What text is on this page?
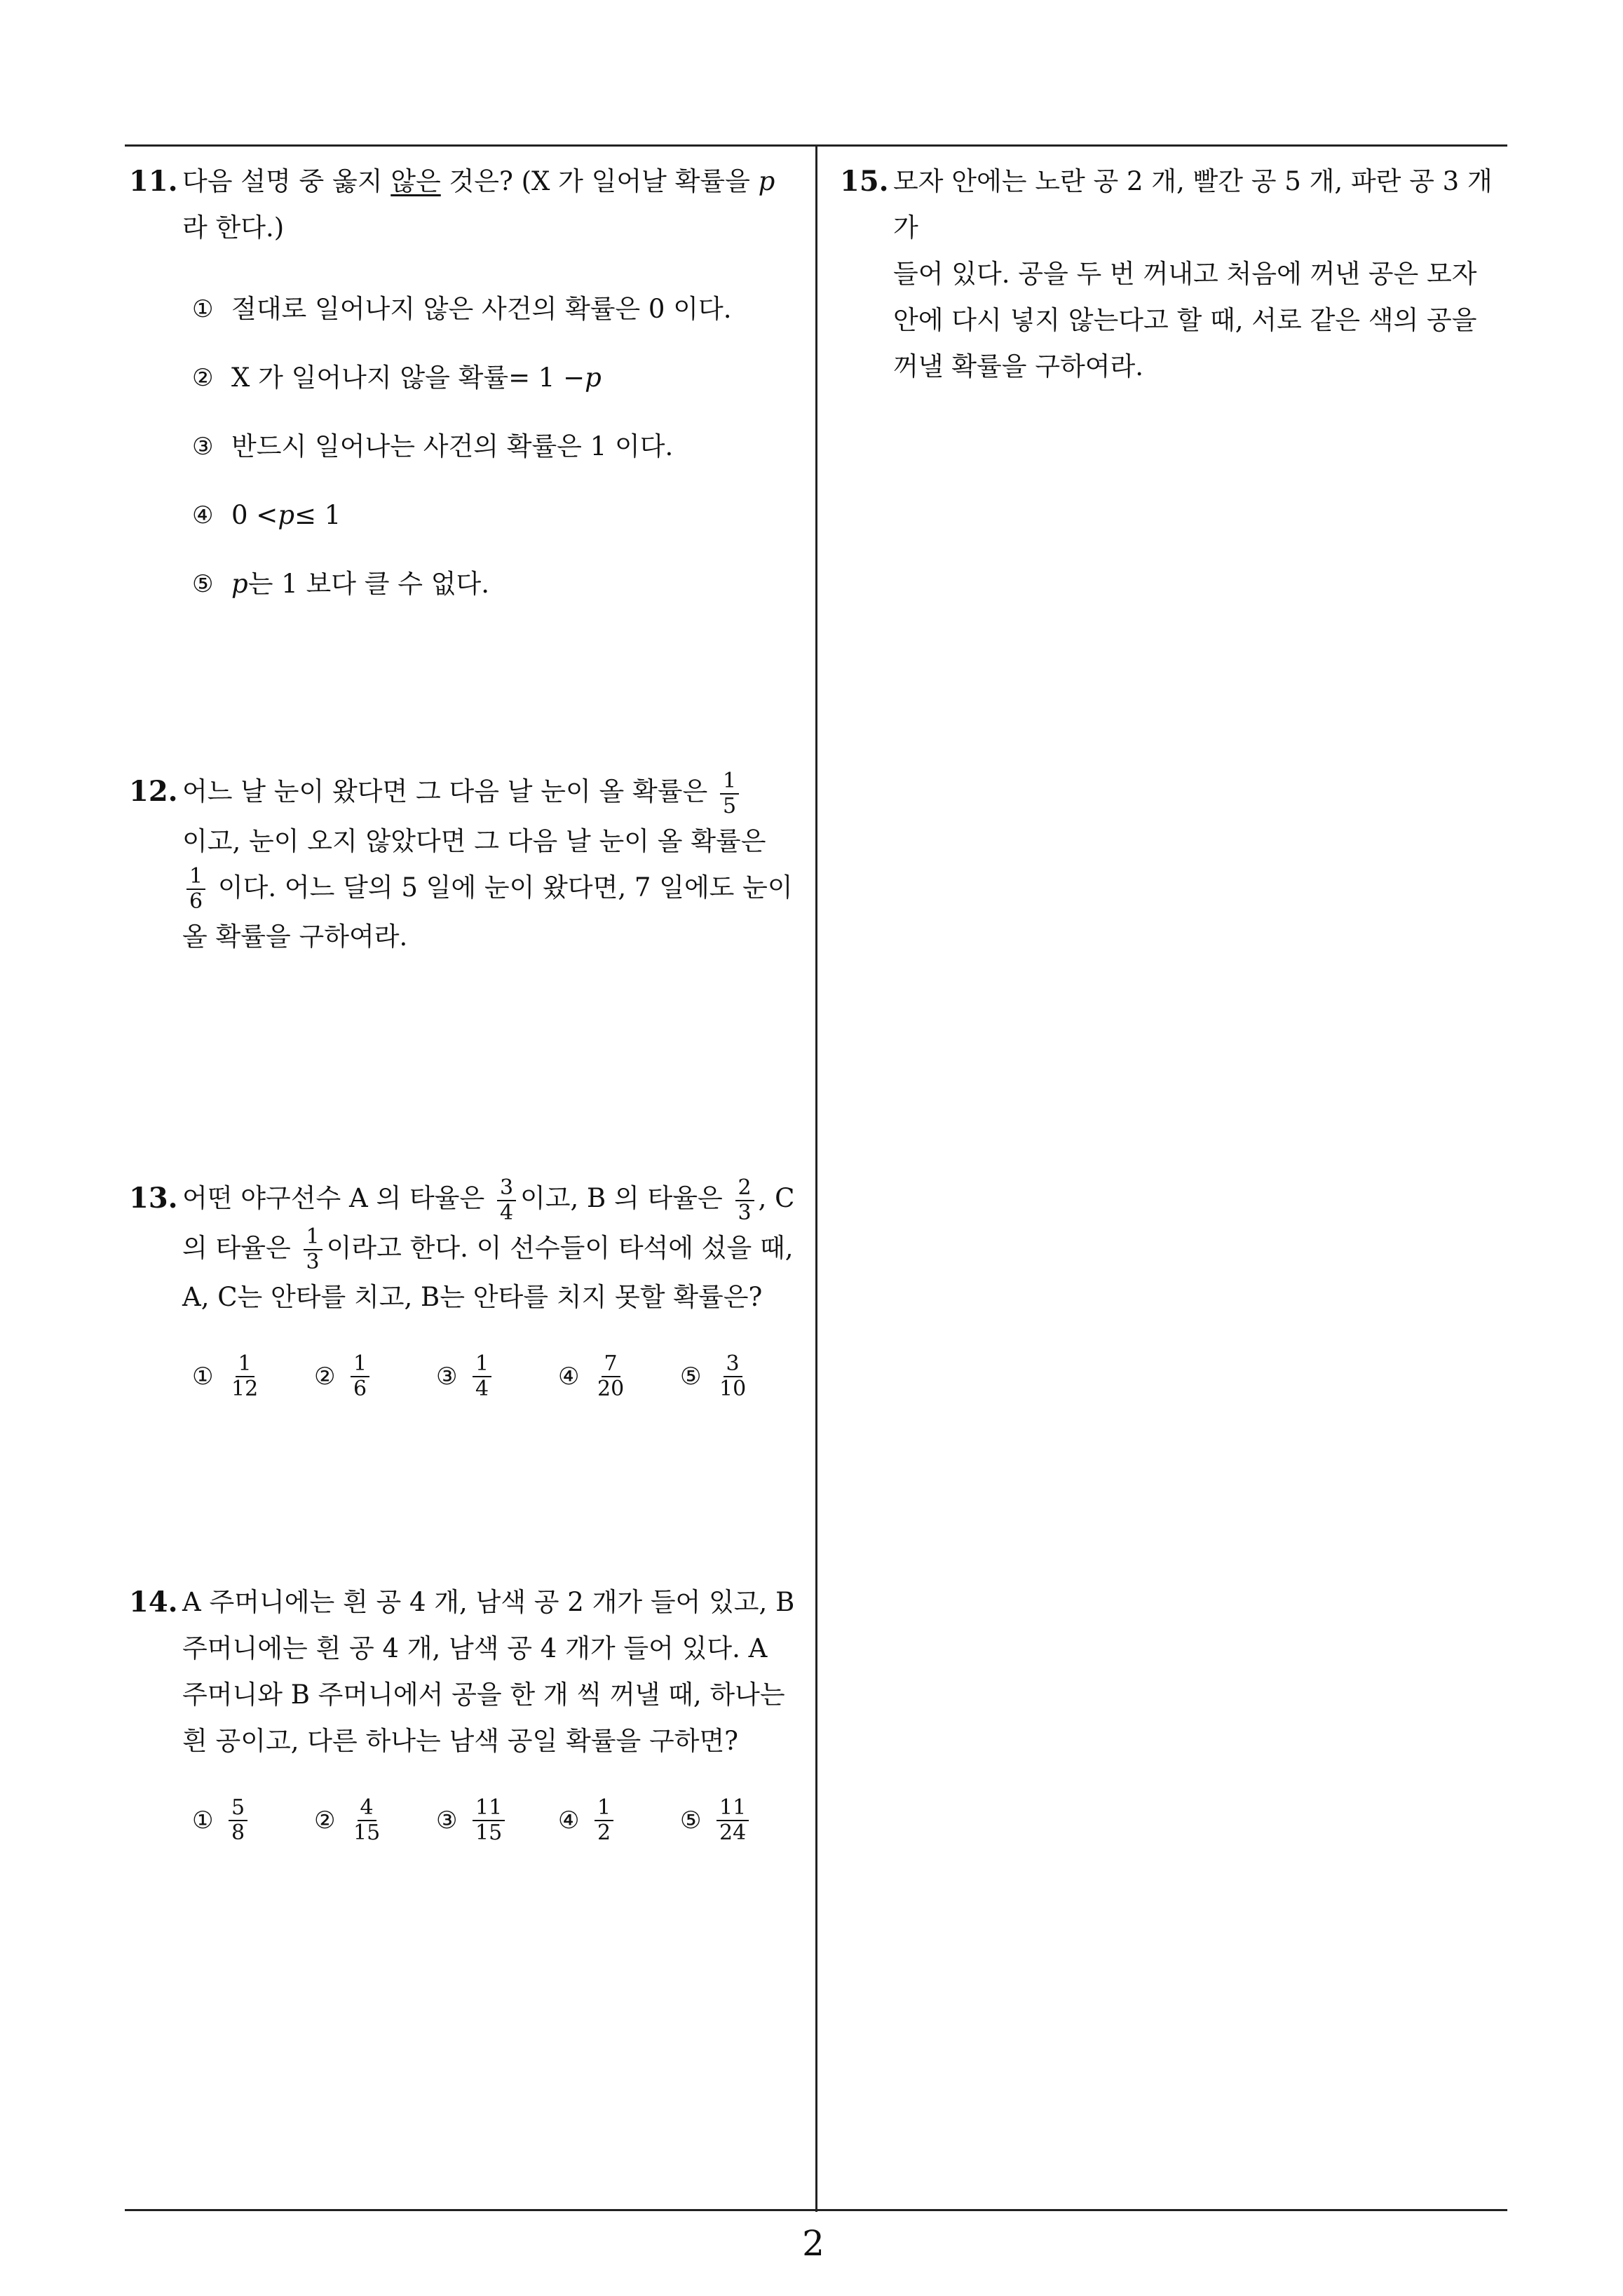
11. 다음 설명 중 옳지 않은 것은? (X 가 일어날 확률을 p
라 한다.)
① 절대로 일어나지 않은 사건의 확률은 0 이다.
② X 가 일어나지 않을 확률= 1 − p
③ 반드시 일어나는 사건의 확률은 1 이다.
④ 0 < p ≤ 1
⑤ p 는 1 보다 클 수 없다.
12. 어느 날 눈이 왔다면 그 다음 날 눈이 올 확률은 $\frac{1}{5}$
이고, 눈이 오지 않았다면 그 다음 날 눈이 올 확률은
$\frac{1}{6}$ 이다. 어느 달의 5 일에 눈이 왔다면, 7 일에도 눈이
올 확률을 구하여라.
13. 어떤 야구선수 A 의 타율은 $\frac{3}{4}$ 이고, B 의 타율은 $\frac{2}{3}$ , C
의 타율은 $\frac{1}{3}$ 이라고 한다. 이 선수들이 타석에 섰을 때,
A, C는 안타를 치고, B는 안타를 치지 못할 확률은?
① $\frac{1}{12}$ ② $\frac{1}{6}$	③ $\frac{1}{4}$	④ $\frac{7}{20}$ ⑤ $\frac{3}{10}$
14. A 주머니에는 흰 공 4 개, 남색 공 2 개가 들어 있고, B
주머니에는 흰 공 4 개, 남색 공 4 개가 들어 있다. A
주머니와 B 주머니에서 공을 한 개 씩 꺼낼 때, 하나는
흰 공이고, 다른 하나는 남색 공일 확률을 구하면?
① $\frac{5}{8}$	② $\frac{4}{15}$ ③ $\frac{11}{15}$ ④ $\frac{1}{2}$	⑤ $\frac{11}{24}$
15. 모자 안에는 노란 공 2 개, 빨간 공 5 개, 파란 공 3 개가
들어 있다. 공을 두 번 꺼내고 처음에 꺼낸 공은 모자
안에 다시 넣지 않는다고 할 때, 서로 같은 색의 공을
꺼낼 확률을 구하여라.
2
